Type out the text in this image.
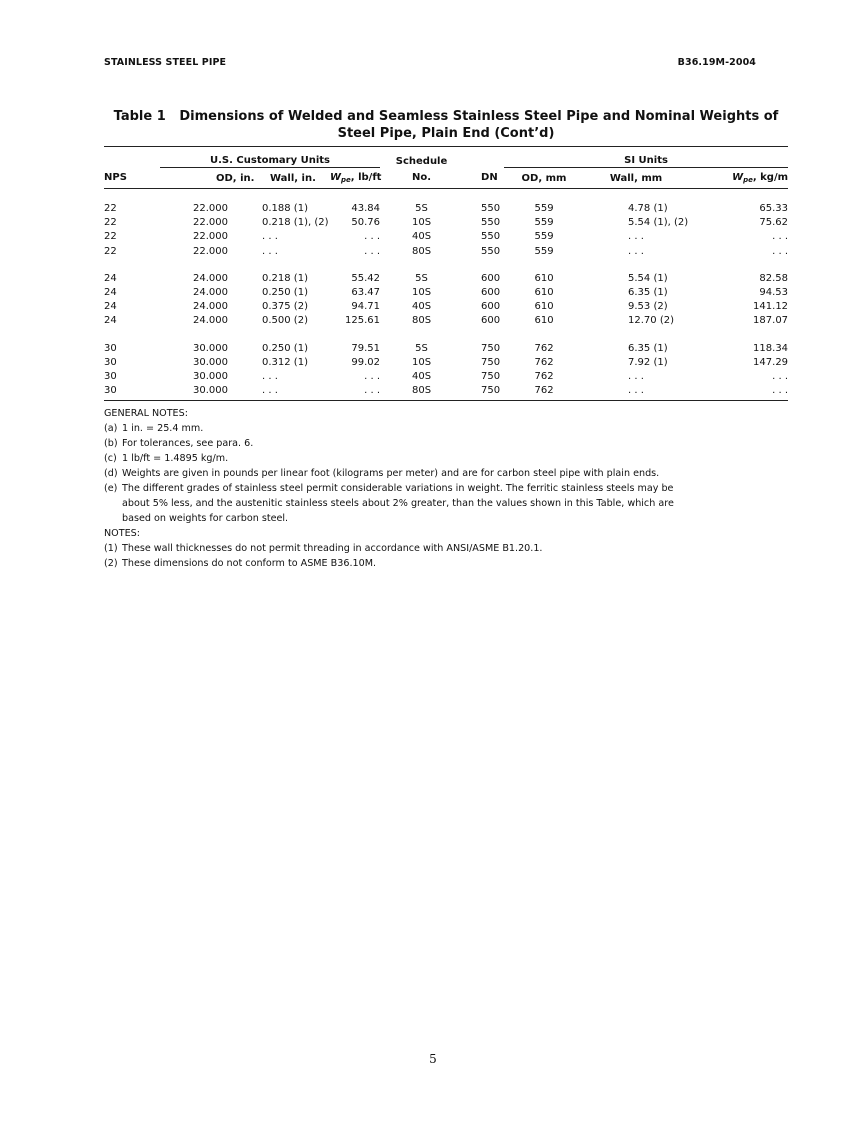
STAINLESS STEEL PIPE	B36.19M-2004
Table 1   Dimensions of Welded and Seamless Stainless Steel Pipe and Nominal Weights of
Steel Pipe, Plain End (Cont’d)
	U.S. Customary Units			Schedule		SI Units		
NPS	OD, in.	Wall, in.	$W_{pe}$, lb/ft	No.	DN	OD, mm	Wall, mm	$W_{pe}$, kg/m

22	22.000	0.188 (1)	43.84	5S	550	559	4.78 (1)	65.33
22	22.000	0.218 (1), (2)	50.76	10S	550	559	5.54 (1), (2)	75.62
22	22.000	. . .	. . .	40S	550	559	. . .	. . .
22	22.000	. . .	. . .	80S	550	559	. . .	. . .

24	24.000	0.218 (1)	55.42	5S	600	610	5.54 (1)	82.58
24	24.000	0.250 (1)	63.47	10S	600	610	6.35 (1)	94.53
24	24.000	0.375 (2)	94.71	40S	600	610	9.53 (2)	141.12
24	24.000	0.500 (2)	125.61	80S	600	610	12.70 (2)	187.07

30	30.000	0.250 (1)	79.51	5S	750	762	6.35 (1)	118.34
30	30.000	0.312 (1)	99.02	10S	750	762	7.92 (1)	147.29
30	30.000	. . .	. . .	40S	750	762	. . .	. . .
30	30.000	. . .	. . .	80S	750	762	. . .	. . .

GENERAL NOTES:
(a) 1 in. = 25.4 mm.
(b) For tolerances, see para. 6.
(c) 1 lb/ft = 1.4895 kg/m.
(d) Weights are given in pounds per linear foot (kilograms per meter) and are for carbon steel pipe with plain ends.
(e) The different grades of stainless steel permit considerable variations in weight. The ferritic stainless steels may be about 5% less, and the austenitic stainless steels about 2% greater, than the values shown in this Table, which are based on weights for carbon steel.
NOTES:
(1) These wall thicknesses do not permit threading in accordance with ANSI/ASME B1.20.1.
(2) These dimensions do not conform to ASME B36.10M.
5
